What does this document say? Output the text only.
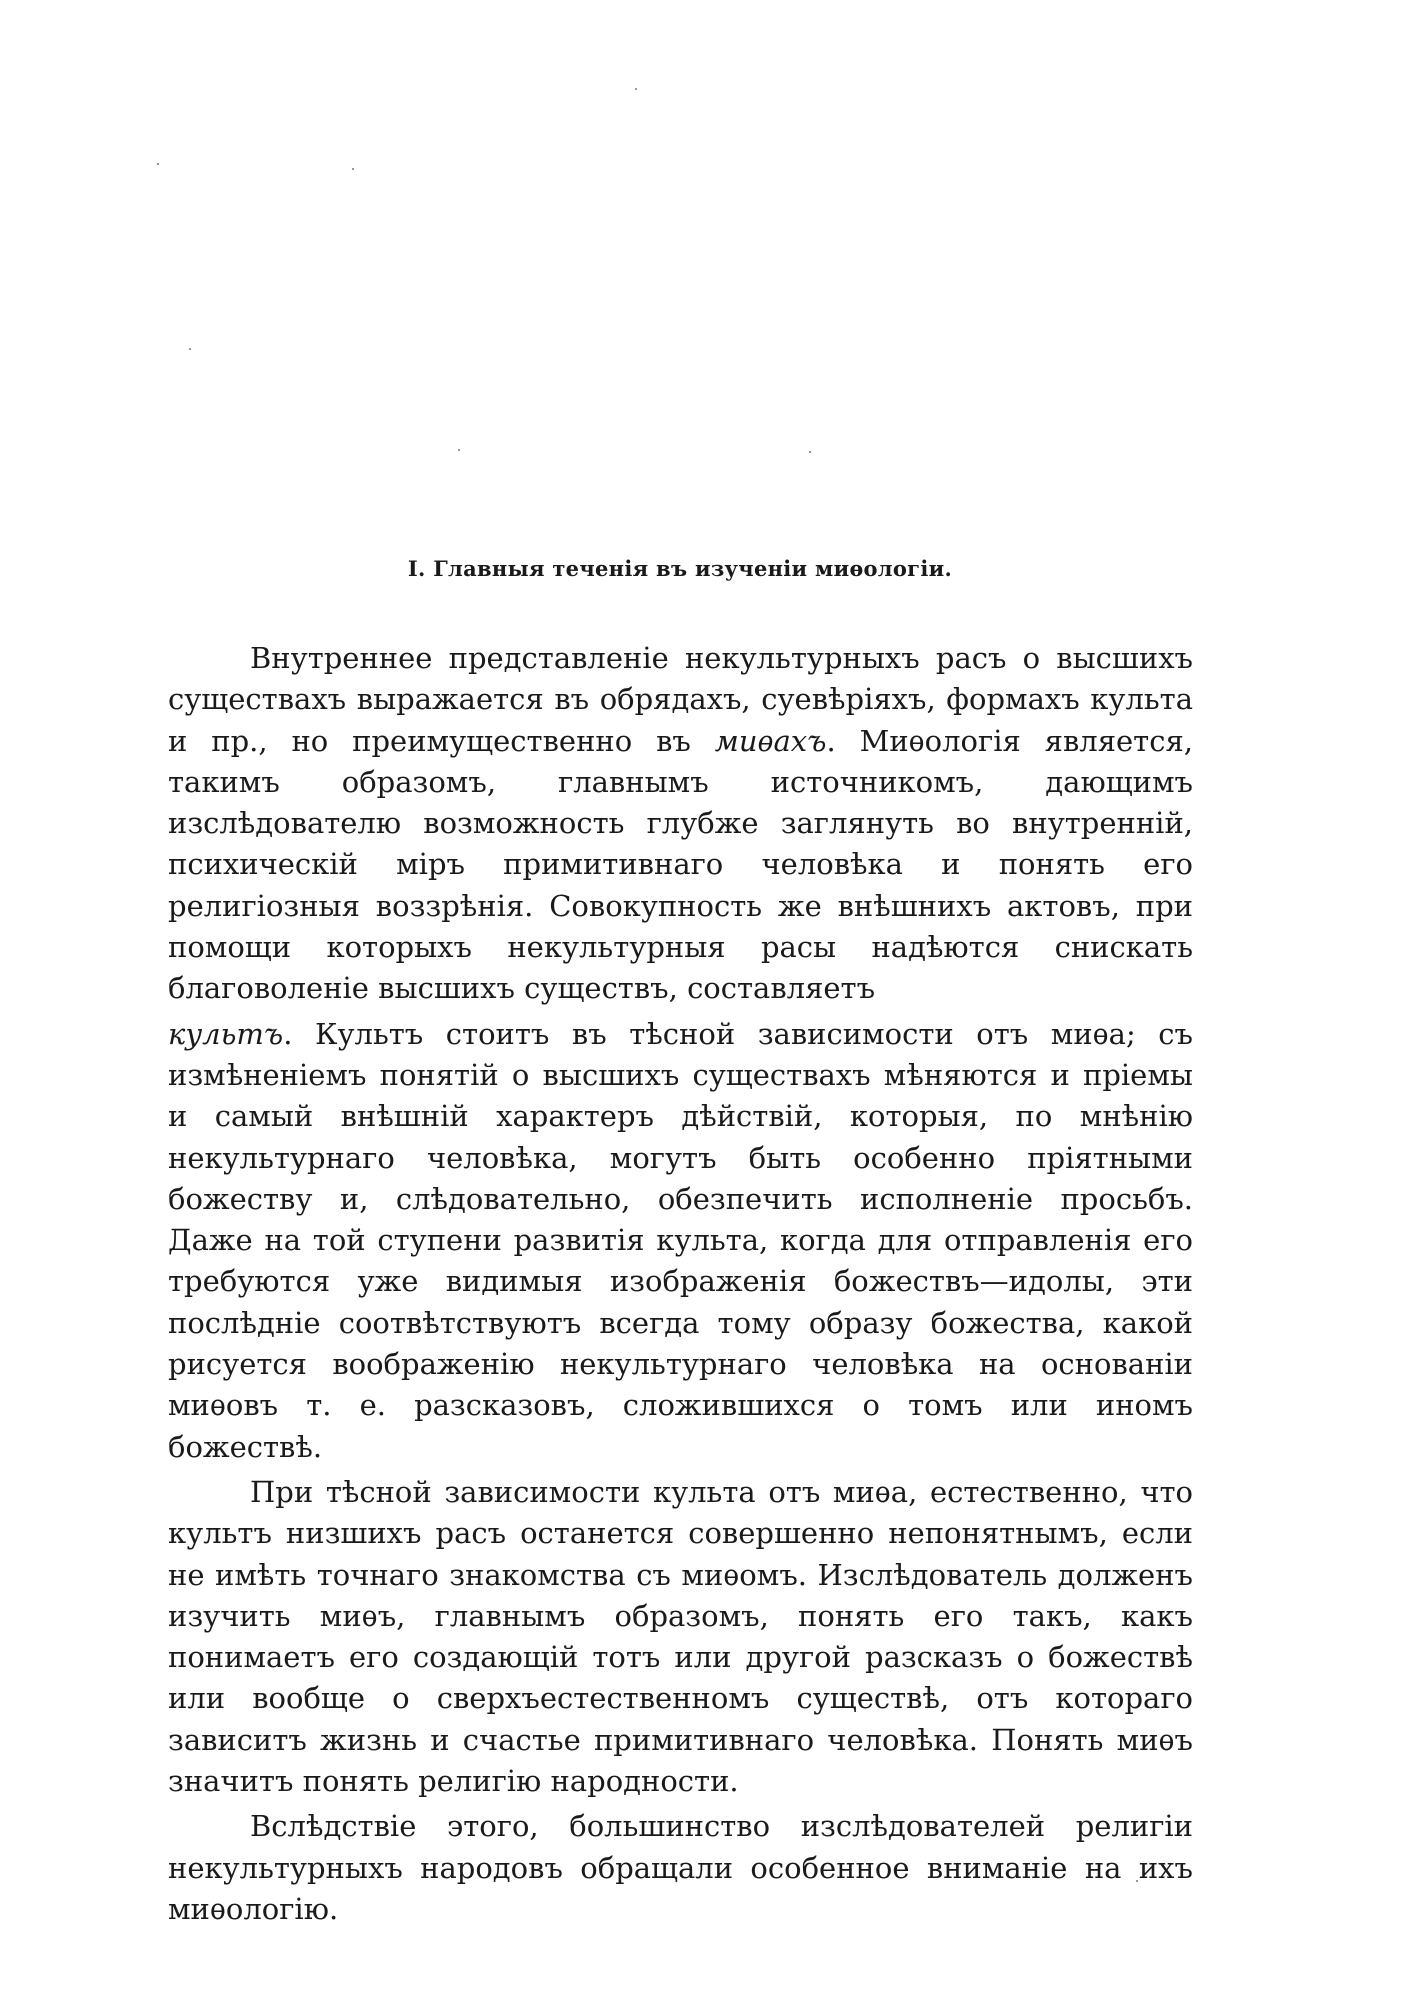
I. Главныя теченія въ изученіи миѳологіи.

Внутреннее представленіе некультурныхъ расъ о высшихъ существахъ выражается въ обрядахъ, суевѣріяхъ, формахъ культа и пр., но преимущественно въ миѳахъ. Миѳологія является, такимъ образомъ, главнымъ источникомъ, дающимъ изслѣдователю возможность глубже заглянуть во внутренній, психическій міръ примитивнаго человѣка и понять его религіозныя воззрѣнія. Совокупность же внѣшнихъ актовъ, при помощи которыхъ некультурныя расы надѣются снискать благоволеніе высшихъ существъ, составляетъ

культъ. Культъ стоитъ въ тѣсной зависимости отъ миѳа; съ измѣненіемъ понятій о высшихъ существахъ мѣняются и пріемы и самый внѣшній характеръ дѣйствій, которыя, по мнѣнію некультурнаго человѣка, могутъ быть особенно пріятными божеству и, слѣдовательно, обезпечить исполненіе просьбъ. Даже на той ступени развитія культа, когда для отправленія его требуются уже видимыя изображенія божествъ—идолы, эти послѣдніе соотвѣтствуютъ всегда тому образу божества, какой рисуется воображенію некультурнаго человѣка на основаніи миѳовъ т. е. разсказовъ, сложившихся о томъ или иномъ божествѣ.

При тѣсной зависимости культа отъ миѳа, естественно, что культъ низшихъ расъ останется совершенно непонятнымъ, если не имѣть точнаго знакомства съ миѳомъ. Изслѣдователь долженъ изучить миѳъ, главнымъ образомъ, понять его такъ, какъ понимаетъ его создающій тотъ или другой разсказъ о божествѣ или вообще о сверхъестественномъ существѣ, отъ котораго зависитъ жизнь и счастье примитивнаго человѣка. Понять миѳъ значитъ понять религію народности.

Вслѣдствіе этого, большинство изслѣдователей религіи некультурныхъ народовъ обращали особенное вниманіе на ихъ миѳологію.
